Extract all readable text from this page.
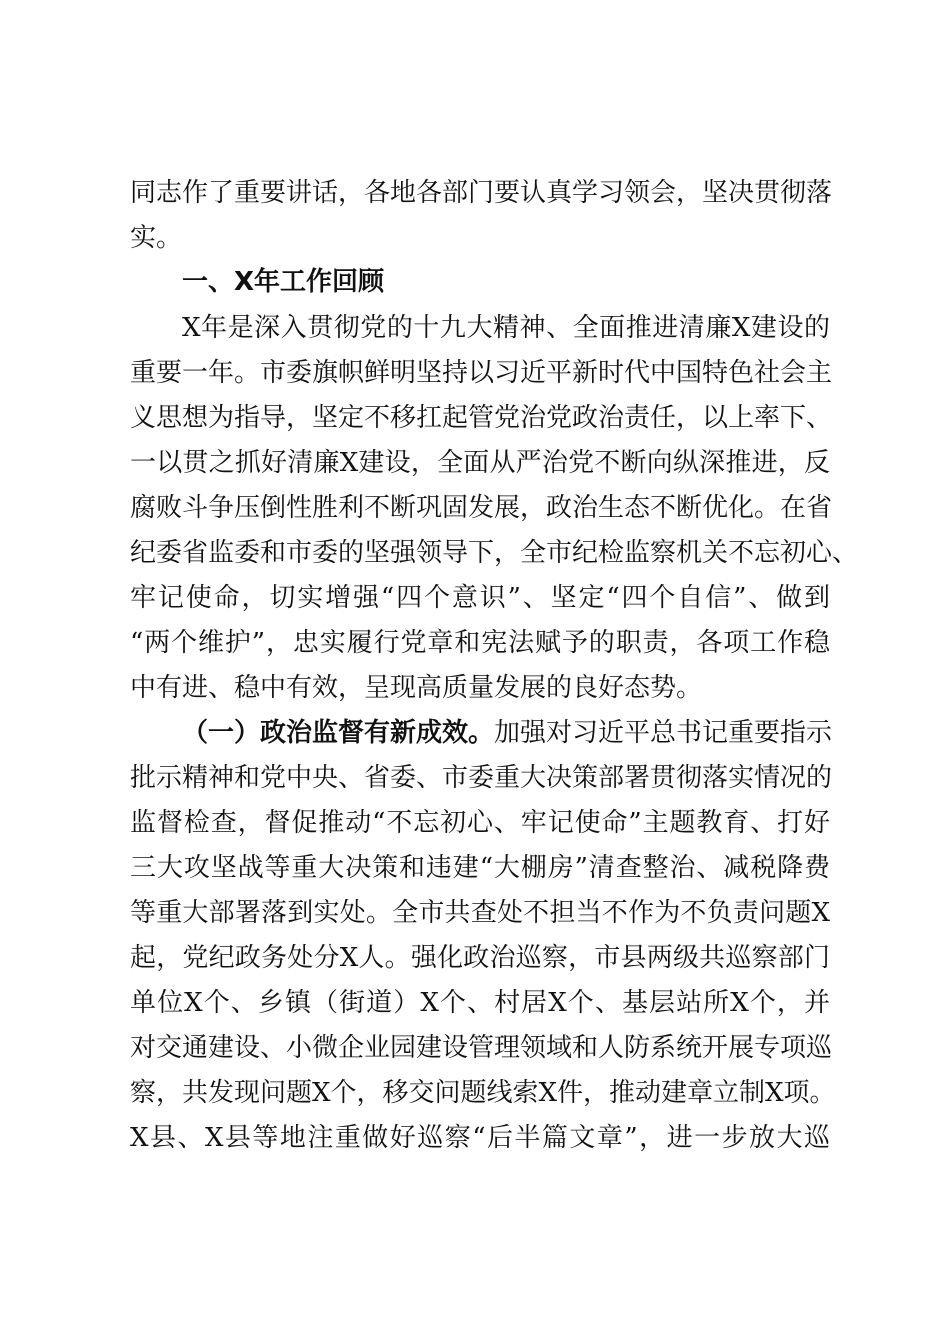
同志作了重要讲话，各地各部门要认真学习领会，坚决贯彻落
实。
一、X年工作回顾
X年是深入贯彻党的十九大精神、全面推进清廉X建设的
重要一年。市委旗帜鲜明坚持以习近平新时代中国特色社会主
义思想为指导，坚定不移扛起管党治党政治责任，以上率下、
一以贯之抓好清廉X建设，全面从严治党不断向纵深推进，反
腐败斗争压倒性胜利不断巩固发展，政治生态不断优化。在省
纪委省监委和市委的坚强领导下，全市纪检监察机关不忘初心、
牢记使命，切实增强“四个意识”、坚定“四个自信”、做到
“两个维护”，忠实履行党章和宪法赋予的职责，各项工作稳
中有进、稳中有效，呈现高质量发展的良好态势。
（一）政治监督有新成效。加强对习近平总书记重要指示
批示精神和党中央、省委、市委重大决策部署贯彻落实情况的
监督检查，督促推动“不忘初心、牢记使命”主题教育、打好
三大攻坚战等重大决策和违建“大棚房”清查整治、减税降费
等重大部署落到实处。全市共查处不担当不作为不负责问题X
起，党纪政务处分X人。强化政治巡察，市县两级共巡察部门
单位X个、乡镇（街道）X个、村居X个、基层站所X个，并
对交通建设、小微企业园建设管理领域和人防系统开展专项巡
察，共发现问题X个，移交问题线索X件，推动建章立制X项。
X县、X县等地注重做好巡察“后半篇文章”，进一步放大巡
